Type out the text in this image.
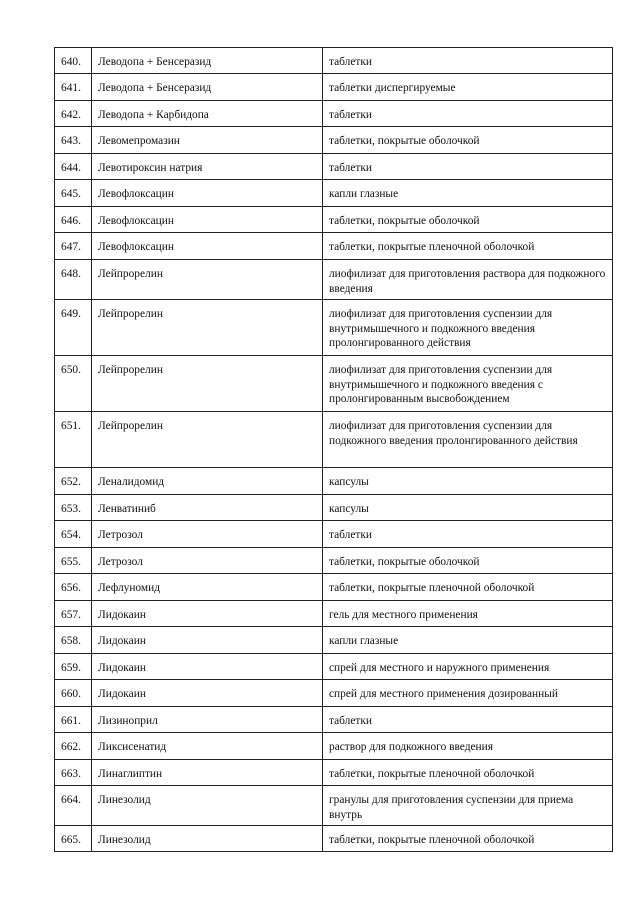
640.	Леводопа + Бенсеразид	таблетки
641.	Леводопа + Бенсеразид	таблетки диспергируемые
642.	Леводопа + Карбидопа	таблетки
643.	Левомепромазин	таблетки, покрытые оболочкой
644.	Левотироксин натрия	таблетки
645.	Левофлоксацин	капли глазные
646.	Левофлоксацин	таблетки, покрытые оболочкой
647.	Левофлоксацин	таблетки, покрытые пленочной оболочкой
648.	Лейпрорелин	лиофилизат для приготовления раствора для подкожного введения
649.	Лейпрорелин	лиофилизат для приготовления суспензии для внутримышечного и подкожного введения пролонгированного действия
650.	Лейпрорелин	лиофилизат для приготовления суспензии для внутримышечного и подкожного введения с пролонгированным высвобождением
651.	Лейпрорелин	лиофилизат для приготовления суспензии для подкожного введения пролонгированного действия
652.	Леналидомид	капсулы
653.	Ленватиниб	капсулы
654.	Летрозол	таблетки
655.	Летрозол	таблетки, покрытые оболочкой
656.	Лефлуномид	таблетки, покрытые пленочной оболочкой
657.	Лидокаин	гель для местного применения
658.	Лидокаин	капли глазные
659.	Лидокаин	спрей для местного и наружного применения
660.	Лидокаин	спрей для местного применения дозированный
661.	Лизиноприл	таблетки
662.	Ликсисенатид	раствор для подкожного введения
663.	Линаглиптин	таблетки, покрытые пленочной оболочкой
664.	Линезолид	гранулы для приготовления суспензии для приема внутрь
665.	Линезолид	таблетки, покрытые пленочной оболочкой
